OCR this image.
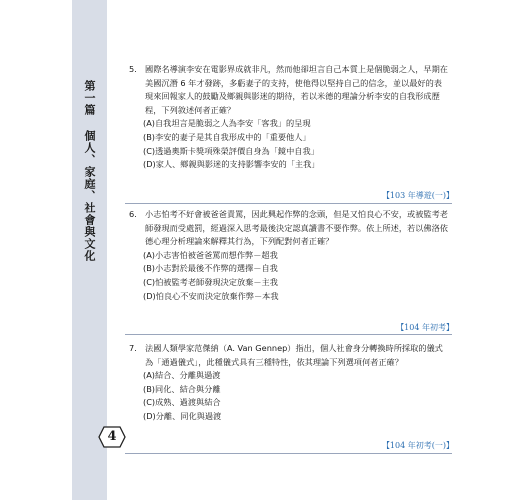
第一篇 個人、家庭、社會與文化
5. 國際名導演李安在電影界成就非凡，然而他卻坦言自己本質上是個脆弱之人，早期在美國沉潛 6 年才發跡，多虧妻子的支持，使他得以堅持自己的信念，並以最好的表現來回報家人的鼓勵及鄉親與影迷的期待，若以米德的理論分析李安的自我形成歷程，下列敘述何者正確？
(A)自我坦言是脆弱之人為李安「客我」的呈現
(B)李安的妻子是其自我形成中的「重要他人」
(C)透過奧斯卡獎項殊榮評價自身為「鏡中自我」
(D)家人、鄉親與影迷的支持影響李安的「主我」
【103 年導遊(一)】
6. 小志怕考不好會被爸爸責罵，因此興起作弊的念頭，但是又怕良心不安，或被監考老師發現而受處罰，經過深入思考最後決定認真讀書不要作弊。依上所述，若以佛洛依德心理分析理論來解釋其行為，下列配對何者正確？
(A)小志害怕被爸爸罵而想作弊－超我
(B)小志對於最後不作弊的選擇－自我
(C)怕被監考老師發現決定放棄－主我
(D)怕良心不安而決定放棄作弊－本我
【104 年初考】
7. 法國人類學家范傑納（A. Van Gennep）指出，個人社會身分轉換時所採取的儀式為「通過儀式」，此種儀式具有三種特性，依其理論下列選項何者正確？
(A)結合、分離與過渡
(B)同化、結合與分離
(C)成熟、過渡與結合
(D)分離、同化與過渡
【104 年初考(一)】
4
